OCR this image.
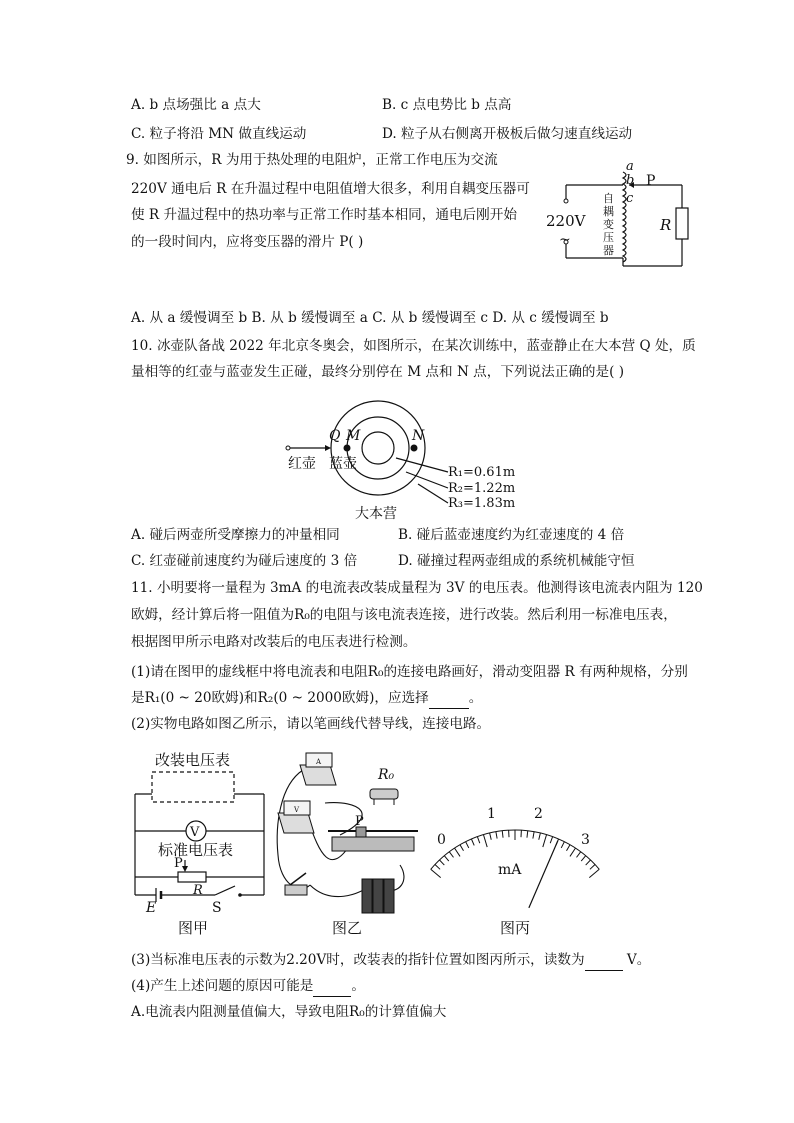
A. b 点场强比 a 点大	B. c 点电势比 b 点高
C. 粒子将沿 MN 做直线运动	D. 粒子从右侧离开极板后做匀速直线运动
9. 如图所示，R 为用于热处理的电阻炉，正常工作电压为交流
220V 通电后 R 在升温过程中电阻值增大很多，利用自耦变压器可
使 R 升温过程中的热功率与正常工作时基本相同，通电后刚开始
的一段时间内，应将变压器的滑片 P( )
220V
~
a
b
c
P
R
自
耦
变
压
器
A. 从 a 缓慢调至 b B. 从 b 缓慢调至 a C. 从 b 缓慢调至 c D. 从 c 缓慢调至 b
10. 冰壶队备战 2022 年北京冬奥会，如图所示，在某次训练中，蓝壶静止在大本营 Q 处，质
量相等的红壶与蓝壶发生正碰，最终分别停在 M 点和 N 点，下列说法正确的是( )
Q M	N
红壶 蓝壶
R₁=0.61m
R₂=1.22m
R₃=1.83m
大本营
A. 碰后两壶所受摩擦力的冲量相同	B. 碰后蓝壶速度约为红壶速度的 4 倍
C. 红壶碰前速度约为碰后速度的 3 倍	D. 碰撞过程两壶组成的系统机械能守恒
11. 小明要将一量程为 3mA 的电流表改装成量程为 3V 的电压表。他测得该电流表内阻为 120
欧姆，经计算后将一阻值为R₀的电阻与该电流表连接，进行改装。然后利用一标准电压表，
根据图甲所示电路对改装后的电压表进行检测。
(1)请在图甲的虚线框中将电流表和电阻R₀的连接电路画好，滑动变阻器 R 有两种规格，分别
是R₁(0 ~ 20欧姆)和R₂(0 ~ 2000欧姆)，应选择	。
(2)实物电路如图乙所示，请以笔画线代替导线，连接电路。
改装电压表
V
标准电压表
P
R
E	S
图甲
A
V
R₀
P
图乙
0
1	2
3
mA
图丙
(3)当标准电压表的示数为2.20V时，改装表的指针位置如图丙所示，读数为	V。
(4)产生上述问题的原因可能是	。
A.电流表内阻测量值偏大，导致电阻R₀的计算值偏大
